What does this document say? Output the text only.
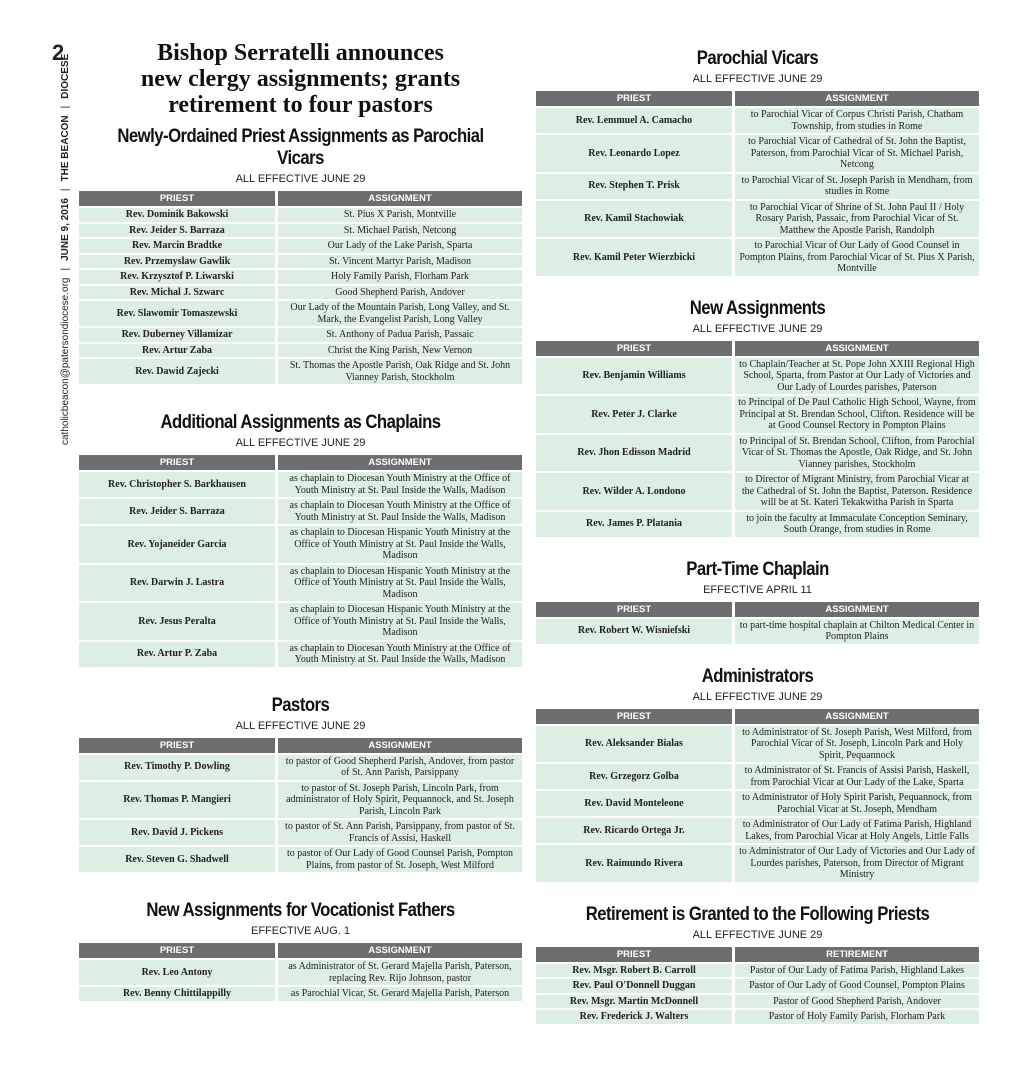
2
catholicbeacon@patersondiocese.org|JUNE 9, 2016|THE BEACON|DIOCESE
Bishop Serratelli announces new clergy assignments; grants retirement to four pastors
Newly-Ordained Priest Assignments as Parochial Vicars
ALL EFFECTIVE JUNE 29
PRIEST	ASSIGNMENT
Rev. Dominik Bakowski	St. Pius X Parish, Montville
Rev. Jeider S. Barraza	St. Michael Parish, Netcong
Rev. Marcin Bradtke	Our Lady of the Lake Parish, Sparta
Rev. Przemyslaw Gawlik	St. Vincent Martyr Parish, Madison
Rev. Krzysztof P. Liwarski	Holy Family Parish, Florham Park
Rev. Michal J. Szwarc	Good Shepherd Parish, Andover
Rev. Slawomir Tomaszewski	Our Lady of the Mountain Parish, Long Valley, and St. Mark, the Evangelist Parish, Long Valley
Rev. Duberney Villamizar	St. Anthony of Padua Parish, Passaic
Rev. Artur Zaba	Christ the King Parish, New Vernon
Rev. Dawid Zajecki	St. Thomas the Apostle Parish, Oak Ridge and St. John Vianney Parish, Stockholm
Additional Assignments as Chaplains
ALL EFFECTIVE JUNE 29
PRIEST	ASSIGNMENT
Rev. Christopher S. Barkhausen	as chaplain to Diocesan Youth Ministry at the Office of Youth Ministry at St. Paul Inside the Walls, Madison
Rev. Jeider S. Barraza	as chaplain to Diocesan Youth Ministry at the Office of Youth Ministry at St. Paul Inside the Walls, Madison
Rev. Yojaneider Garcia	as chaplain to Diocesan Hispanic Youth Ministry at the Office of Youth Ministry at St. Paul Inside the Walls, Madison
Rev. Darwin J. Lastra	as chaplain to Diocesan Hispanic Youth Ministry at the Office of Youth Ministry at St. Paul Inside the Walls, Madison
Rev. Jesus Peralta	as chaplain to Diocesan Hispanic Youth Ministry at the Office of Youth Ministry at St. Paul Inside the Walls, Madison
Rev. Artur P. Zaba	as chaplain to Diocesan Youth Ministry at the Office of Youth Ministry at St. Paul Inside the Walls, Madison
Pastors
ALL EFFECTIVE JUNE 29
PRIEST	ASSIGNMENT
Rev. Timothy P. Dowling	to pastor of Good Shepherd Parish, Andover, from pastor of St. Ann Parish, Parsippany
Rev. Thomas P. Mangieri	to pastor of St. Joseph Parish, Lincoln Park, from administrator of Holy Spirit, Pequannock, and St. Joseph Parish, Lincoln Park
Rev. David J. Pickens	to pastor of St. Ann Parish, Parsippany, from pastor of St. Francis of Assisi, Haskell
Rev. Steven G. Shadwell	to pastor of Our Lady of Good Counsel Parish, Pompton Plains, from pastor of St. Joseph, West Milford
New Assignments for Vocationist Fathers
EFFECTIVE AUG. 1
PRIEST	ASSIGNMENT
Rev. Leo Antony	as Administrator of St. Gerard Majella Parish, Paterson, replacing Rev. Rijo Johnson, pastor
Rev. Benny Chittilappilly	as Parochial Vicar, St. Gerard Majella Parish, Paterson
Parochial Vicars
ALL EFFECTIVE JUNE 29
PRIEST	ASSIGNMENT
Rev. Lemmuel A. Camacho	to Parochial Vicar of Corpus Christi Parish, Chatham Township, from studies in Rome
Rev. Leonardo Lopez	to Parochial Vicar of Cathedral of St. John the Baptist, Paterson, from Parochial Vicar of St. Michael Parish, Netcong
Rev. Stephen T. Prisk	to Parochial Vicar of St. Joseph Parish in Mendham, from studies in Rome
Rev. Kamil Stachowiak	to Parochial Vicar of Shrine of St. John Paul II / Holy Rosary Parish, Passaic, from Parochial Vicar of St. Matthew the Apostle Parish, Randolph
Rev. Kamil Peter Wierzbicki	to Parochial Vicar of Our Lady of Good Counsel in Pompton Plains, from Parochial Vicar of St. Pius X Parish, Montville
New Assignments
ALL EFFECTIVE JUNE 29
PRIEST	ASSIGNMENT
Rev. Benjamin Williams	to Chaplain/Teacher at St. Pope John XXIII Regional High School, Sparta, from Pastor at Our Lady of Victories and Our Lady of Lourdes parishes, Paterson
Rev. Peter J. Clarke	to Principal of De Paul Catholic High School, Wayne, from Principal at St. Brendan School, Clifton. Residence will be at Good Counsel Rectory in Pompton Plains
Rev. Jhon Edisson Madrid	to Principal of St. Brendan School, Clifton, from Parochial Vicar of St. Thomas the Apostle, Oak Ridge, and St. John Vianney parishes, Stockholm
Rev. Wilder A. Londono	to Director of Migrant Ministry, from Parochial Vicar at the Cathedral of St. John the Baptist, Paterson. Residence will be at St. Kateri Tekakwitha Parish in Sparta
Rev. James P. Platania	to join the faculty at Immaculate Conception Seminary, South Orange, from studies in Rome
Part-Time Chaplain
EFFECTIVE APRIL 11
PRIEST	ASSIGNMENT
Rev. Robert W. Wisniefski	to part-time hospital chaplain at Chilton Medical Center in Pompton Plains
Administrators
ALL EFFECTIVE JUNE 29
PRIEST	ASSIGNMENT
Rev. Aleksander Bialas	to Administrator of St. Joseph Parish, West Milford, from Parochial Vicar of St. Joseph, Lincoln Park and Holy Spirit, Pequannock
Rev. Grzegorz Golba	to Administrator of St. Francis of Assisi Parish, Haskell, from Parochial Vicar at Our Lady of the Lake, Sparta
Rev. David Monteleone	to Administrator of Holy Spirit Parish, Pequannock, from Parochial Vicar at St. Joseph, Mendham
Rev. Ricardo Ortega Jr.	to Administrator of Our Lady of Fatima Parish, Highland Lakes, from Parochial Vicar at Holy Angels, Little Falls
Rev. Raimundo Rivera	to Administrator of Our Lady of Victories and Our Lady of Lourdes parishes, Paterson, from Director of Migrant Ministry
Retirement is Granted to the Following Priests
ALL EFFECTIVE JUNE 29
PRIEST	RETIREMENT
Rev. Msgr. Robert B. Carroll	Pastor of Our Lady of Fatima Parish, Highland Lakes
Rev. Paul O'Donnell Duggan	Pastor of Our Lady of Good Counsel, Pompton Plains
Rev. Msgr. Martin McDonnell	Pastor of Good Shepherd Parish, Andover
Rev. Frederick J. Walters	Pastor of Holy Family Parish, Florham Park
